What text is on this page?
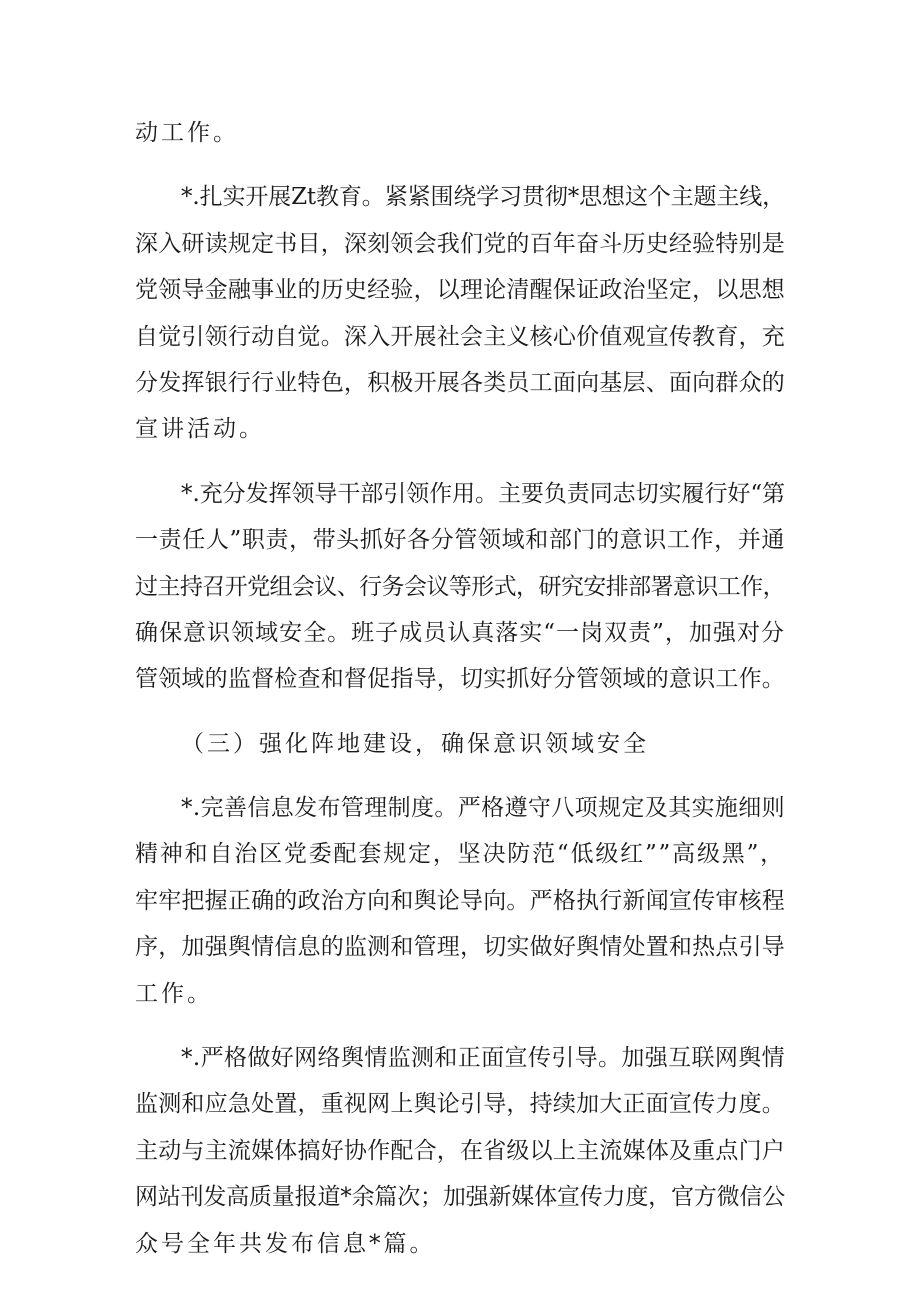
动工作。
*.扎实开展Zt教育。紧紧围绕学习贯彻*思想这个主题主线，
深入研读规定书目，深刻领会我们党的百年奋斗历史经验特别是
党领导金融事业的历史经验，以理论清醒保证政治坚定，以思想
自觉引领行动自觉。深入开展社会主义核心价值观宣传教育，充
分发挥银行行业特色，积极开展各类员工面向基层、面向群众的
宣讲活动。
*.充分发挥领导干部引领作用。主要负责同志切实履行好“第
一责任人”职责，带头抓好各分管领域和部门的意识工作，并通
过主持召开党组会议、行务会议等形式，研究安排部署意识工作，
确保意识领域安全。班子成员认真落实“一岗双责”，加强对分
管领域的监督检查和督促指导，切实抓好分管领域的意识工作。
（三）强化阵地建设，确保意识领域安全
*.完善信息发布管理制度。严格遵守八项规定及其实施细则
精神和自治区党委配套规定，坚决防范“低级红””高级黑”，
牢牢把握正确的政治方向和舆论导向。严格执行新闻宣传审核程
序，加强舆情信息的监测和管理，切实做好舆情处置和热点引导
工作。
*.严格做好网络舆情监测和正面宣传引导。加强互联网舆情
监测和应急处置，重视网上舆论引导，持续加大正面宣传力度。
主动与主流媒体搞好协作配合，在省级以上主流媒体及重点门户
网站刊发高质量报道*余篇次；加强新媒体宣传力度，官方微信公
众号全年共发布信息*篇。
